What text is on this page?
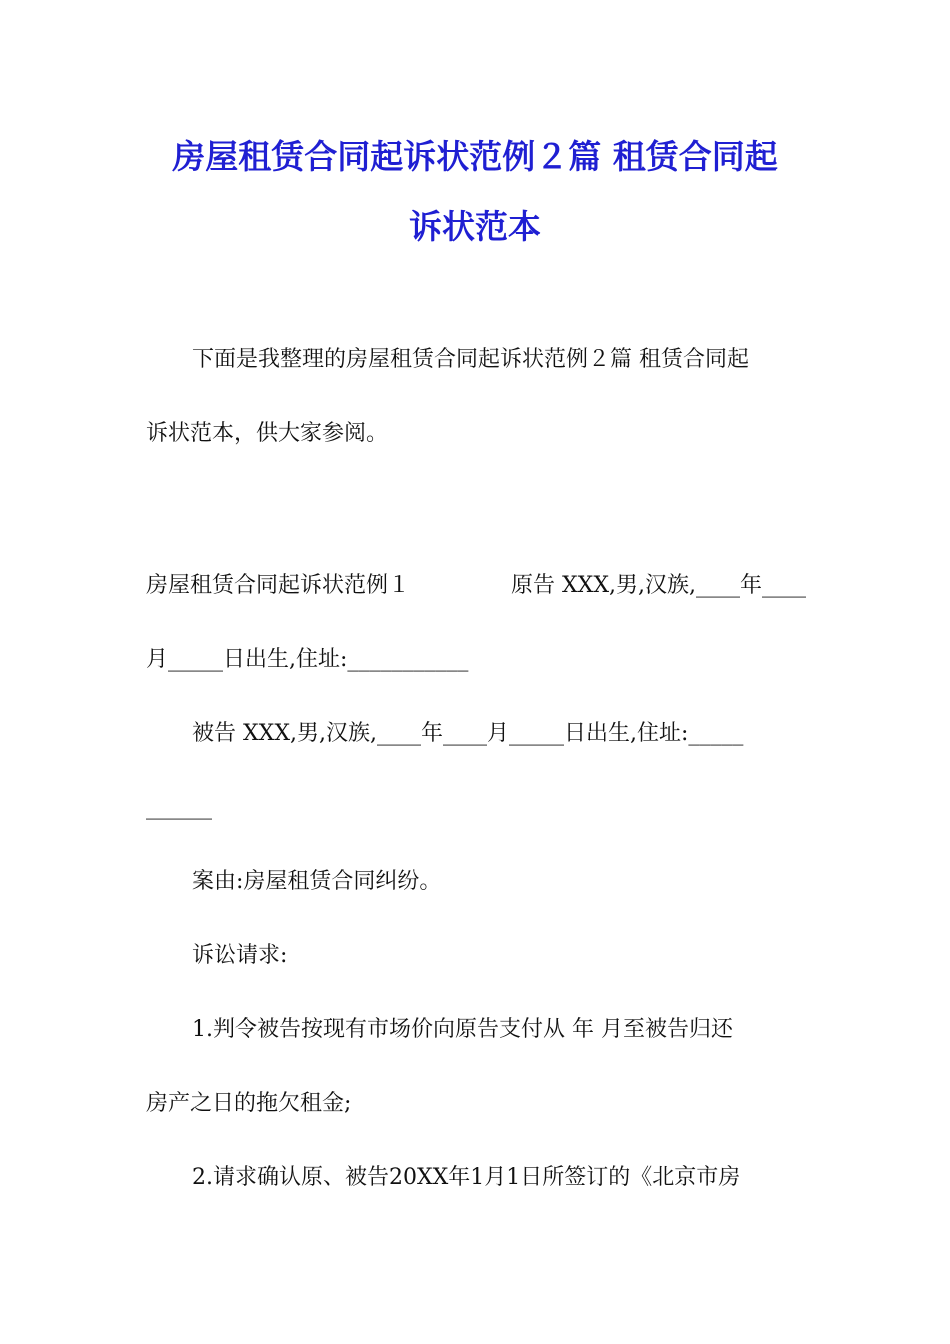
房屋租赁合同起诉状范例２篇 租赁合同起
诉状范本
下面是我整理的房屋租赁合同起诉状范例２篇 租赁合同起
诉状范本，供大家参阅。
房屋租赁合同起诉状范例１	原告 XXX,男,汉族,____年____
月_____日出生,住址:___________
被告 XXX,男,汉族,____年____月_____日出生,住址:_____
______
案由:房屋租赁合同纠纷。
诉讼请求:
1.判令被告按现有市场价向原告支付从 年 月至被告归还
房产之日的拖欠租金;
2.请求确认原、被告20XX年1月1日所签订的《北京市房
